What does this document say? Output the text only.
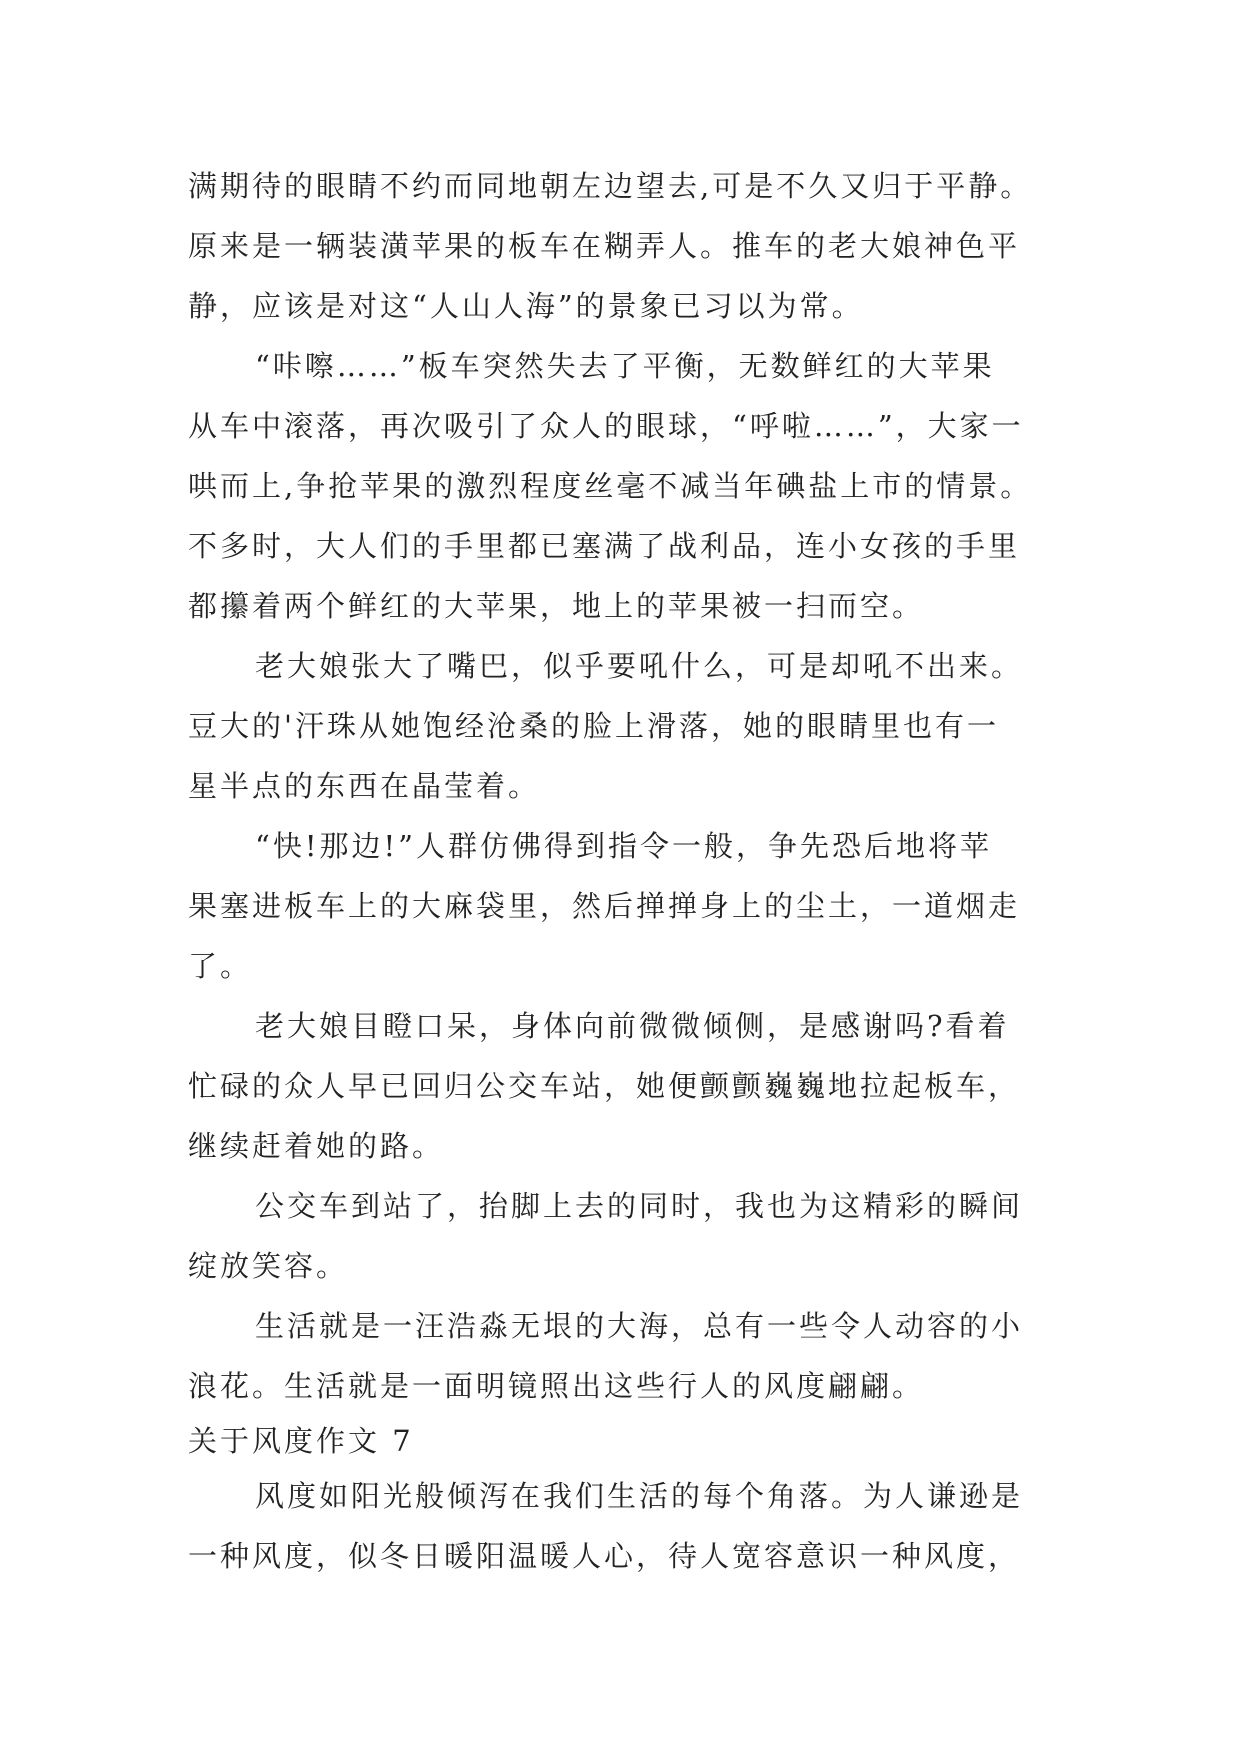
满期待的眼睛不约而同地朝左边望去,可是不久又归于平静。
原来是一辆装潢苹果的板车在糊弄人。推车的老大娘神色平
静，应该是对这“人山人海”的景象已习以为常。
“咔嚓……”板车突然失去了平衡，无数鲜红的大苹果
从车中滚落，再次吸引了众人的眼球，“呼啦……”，大家一
哄而上,争抢苹果的激烈程度丝毫不减当年碘盐上市的情景。
不多时，大人们的手里都已塞满了战利品，连小女孩的手里
都攥着两个鲜红的大苹果，地上的苹果被一扫而空。
老大娘张大了嘴巴，似乎要吼什么，可是却吼不出来。
豆大的'汗珠从她饱经沧桑的脸上滑落，她的眼睛里也有一
星半点的东西在晶莹着。
“快!那边!”人群仿佛得到指令一般，争先恐后地将苹
果塞进板车上的大麻袋里，然后掸掸身上的尘土，一道烟走
了。
老大娘目瞪口呆，身体向前微微倾侧，是感谢吗?看着
忙碌的众人早已回归公交车站，她便颤颤巍巍地拉起板车，
继续赶着她的路。
公交车到站了，抬脚上去的同时，我也为这精彩的瞬间
绽放笑容。
生活就是一汪浩淼无垠的大海，总有一些令人动容的小
浪花。生活就是一面明镜照出这些行人的风度翩翩。
关于风度作文 7
风度如阳光般倾泻在我们生活的每个角落。为人谦逊是
一种风度，似冬日暖阳温暖人心，待人宽容意识一种风度，
